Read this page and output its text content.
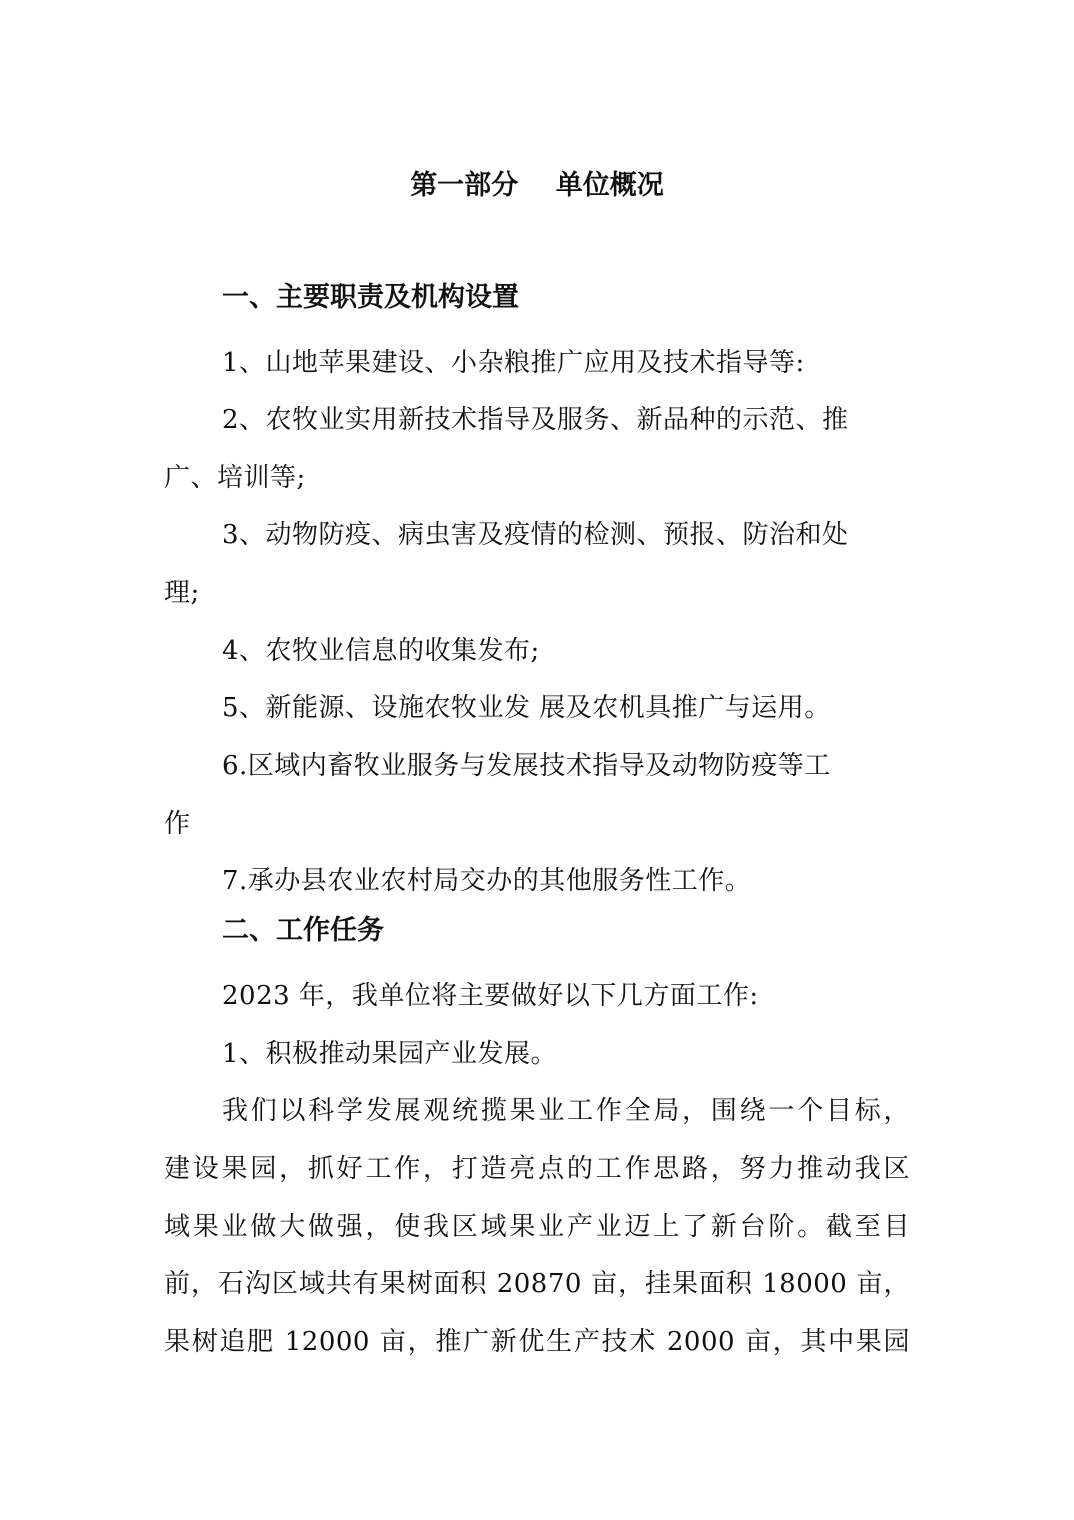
第一部分    单位概况
一、主要职责及机构设置
1、山地苹果建设、小杂粮推广应用及技术指导等:
2、农牧业实用新技术指导及服务、新品种的示范、推
广、培训等;
3、动物防疫、病虫害及疫情的检测、预报、防治和处
理;
4、农牧业信息的收集发布;
5、新能源、设施农牧业发 展及农机具推广与运用。
6.区域内畜牧业服务与发展技术指导及动物防疫等工
作
7.承办县农业农村局交办的其他服务性工作。
二、工作任务
2023 年，我单位将主要做好以下几方面工作:
1、积极推动果园产业发展。
我们以科学发展观统揽果业工作全局，围绕一个目标，
建设果园，抓好工作，打造亮点的工作思路，努力推动我区
域果业做大做强，使我区域果业产业迈上了新台阶。截至目
前，石沟区域共有果树面积 20870 亩，挂果面积 18000 亩，
果树追肥 12000 亩，推广新优生产技术 2000 亩，其中果园
